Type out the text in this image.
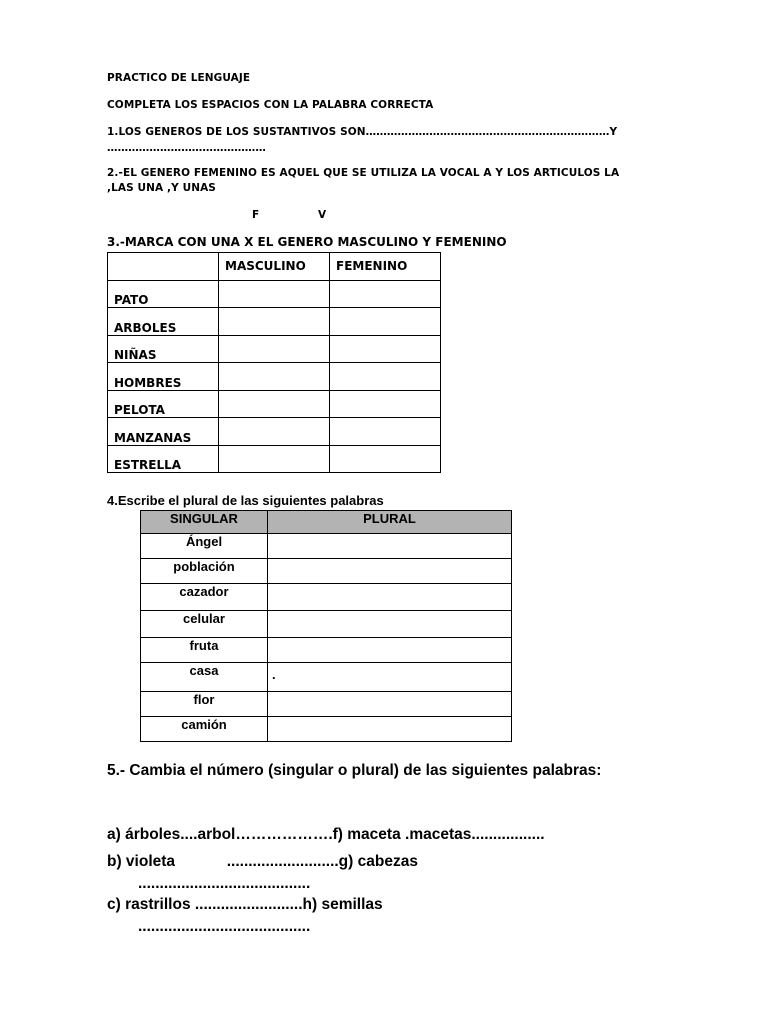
PRACTICO DE LENGUAJE
COMPLETA LOS ESPACIOS CON LA PALABRA CORRECTA
1.LOS GENEROS DE LOS SUSTANTIVOS SON……………………………………………………………Y
………………………………………
2.-EL GENERO FEMENINO ES AQUEL QUE SE UTILIZA LA VOCAL A Y LOS ARTICULOS LA ,LAS UNA ,Y UNAS
F	V
3.-MARCA CON UNA X EL GENERO MASCULINO Y FEMENINO
	MASCULINO	FEMENINO
PATO		
ARBOLES		
NIÑAS		
HOMBRES		
PELOTA		
MANZANAS		
ESTRELLA		
4.Escribe el plural de las siguientes palabras
SINGULAR	PLURAL
Ángel	
población	
cazador	
celular	
fruta	
casa	.
flor	
camión	
5.- Cambia el número (singular o plural) de las siguientes palabras:
a) árboles....arbol……………….f) maceta .macetas.................
b) violeta            ..........................g) cabezas
........................................
c) rastrillos .........................h) semillas
........................................
